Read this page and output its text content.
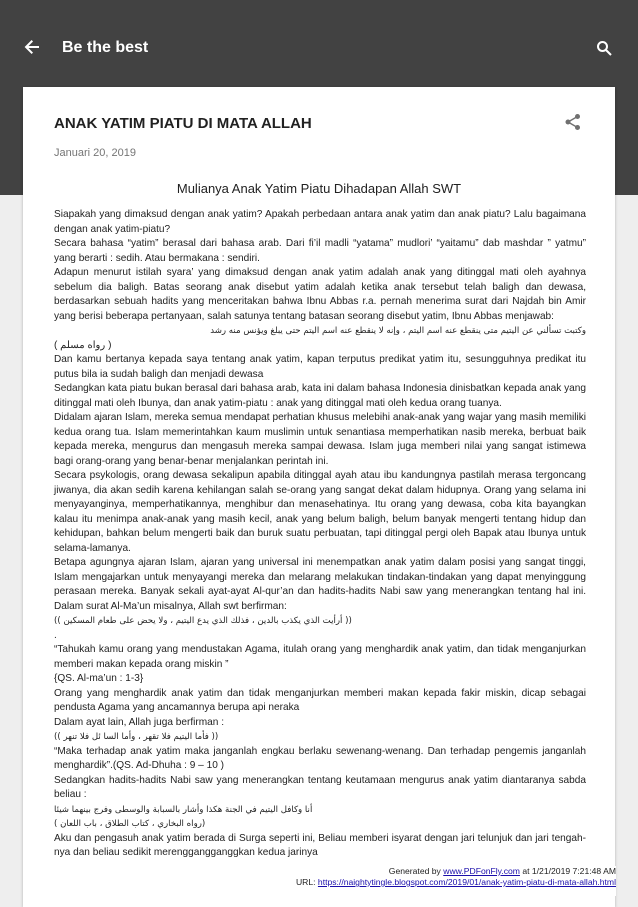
Be the best
ANAK YATIM PIATU DI MATA ALLAH
Januari 20, 2019
Mulianya Anak Yatim Piatu Dihadapan Allah SWT

Siapakah yang dimaksud dengan anak yatim? Apakah perbedaan antara anak yatim dan anak piatu? Lalu bagaimana dengan anak yatim-piatu?

Secara bahasa “yatim” berasal dari bahasa arab. Dari fi’il madli “yatama” mudlori’ “yaitamu” dab mashdar ” yatmu” yang berarti : sedih. Atau bermakana : sendiri.

Adapun menurut istilah syara’ yang dimaksud dengan anak yatim adalah anak yang ditinggal mati oleh ayahnya sebelum dia baligh. Batas seorang anak disebut yatim adalah ketika anak tersebut telah baligh dan dewasa, berdasarkan sebuah hadits yang menceritakan bahwa Ibnu Abbas r.a. pernah menerima surat dari Najdah bin Amir yang berisi beberapa pertanyaan, salah satunya tentang batasan seorang disebut yatim, Ibnu Abbas menjawab:

وكتبت تسألني عن اليتيم متى ينقطع عنه اسم اليتم ، وإنه لا ينقطع عنه اسم اليتم حتى يبلغ ويؤنس منه رشد

( رواه مسلم )

Dan kamu bertanya kepada saya tentang anak yatim, kapan terputus predikat yatim itu, sesungguhnya predikat itu putus bila ia sudah baligh dan menjadi dewasa

Sedangkan kata piatu bukan berasal dari bahasa arab, kata ini dalam bahasa Indonesia dinisbatkan kepada anak yang ditinggal mati oleh Ibunya, dan anak yatim-piatu : anak yang ditinggal mati oleh kedua orang tuanya.

Didalam ajaran Islam, mereka semua mendapat perhatian khusus melebihi anak-anak yang wajar yang masih memiliki kedua orang tua. Islam memerintahkan kaum muslimin untuk senantiasa memperhatikan nasib mereka, berbuat baik kepada mereka, mengurus dan mengasuh mereka sampai dewasa. Islam juga memberi nilai yang sangat istimewa bagi orang-orang yang benar-benar menjalankan perintah ini.

Secara psykologis, orang dewasa sekalipun apabila ditinggal ayah atau ibu kandungnya pastilah merasa tergoncang jiwanya, dia akan sedih karena kehilangan salah se-orang yang sangat dekat dalam hidupnya. Orang yang selama ini menyayanginya, memperhatikannya, menghibur dan menasehatinya. Itu orang yang dewasa, coba kita bayangkan kalau itu menimpa anak-anak yang masih kecil, anak yang belum baligh, belum banyak mengerti tentang hidup dan kehidupan, bahkan belum mengerti baik dan buruk suatu perbuatan, tapi ditinggal pergi oleh Bapak atau Ibunya untuk selama-lamanya.

Betapa agungnya ajaran Islam, ajaran yang universal ini menempatkan anak yatim dalam posisi yang sangat tinggi, Islam mengajarkan untuk menyayangi mereka dan melarang melakukan tindakan-tindakan yang dapat menyinggung perasaan mereka. Banyak sekali ayat-ayat Al-qur’an dan hadits-hadits Nabi saw yang menerangkan tentang hal ini. Dalam surat Al-Ma’un misalnya, Allah swt berfirman:

(( أرأيت الذي يكذب بالدين ، فذلك الذي يدع اليتيم ، ولا يحض على طعام المسكين ))

.

“Tahukah kamu orang yang mendustakan Agama, itulah orang yang menghardik anak yatim, dan tidak menganjurkan memberi makan kepada orang miskin ”

{QS. Al-ma’un : 1-3}

Orang yang menghardik anak yatim dan tidak menganjurkan memberi makan kepada fakir miskin, dicap sebagai pendusta Agama yang ancamannya berupa api neraka

Dalam ayat lain, Allah juga berfirman :

(( فأما اليتيم فلا تقهر ، وأما السا ئل فلا تنهر ))

“Maka terhadap anak yatim maka janganlah engkau berlaku sewenang-wenang. Dan terhadap pengemis janganlah menghardik”.(QS. Ad-Dhuha : 9 – 10 )

Sedangkan hadits-hadits Nabi saw yang menerangkan tentang keutamaan mengurus anak yatim diantaranya sabda beliau :

أنا وكافل اليتيم في الجنة هكذا وأشار بالسبابة والوسطى وفرج بينهما شيئا

( رواه البخاري ، كتاب الطلاق ، باب اللعان)

Aku dan pengasuh anak yatim berada di Surga seperti ini, Beliau memberi isyarat dengan jari telunjuk dan jari tengah-nya dan beliau sedikit merenggangganggkan kedua jarinya

Generated by www.PDFonFly.com at 1/21/2019 7:21:48 AM
URL: https://naightytingle.blogspot.com/2019/01/anak-yatim-piatu-di-mata-allah.html
